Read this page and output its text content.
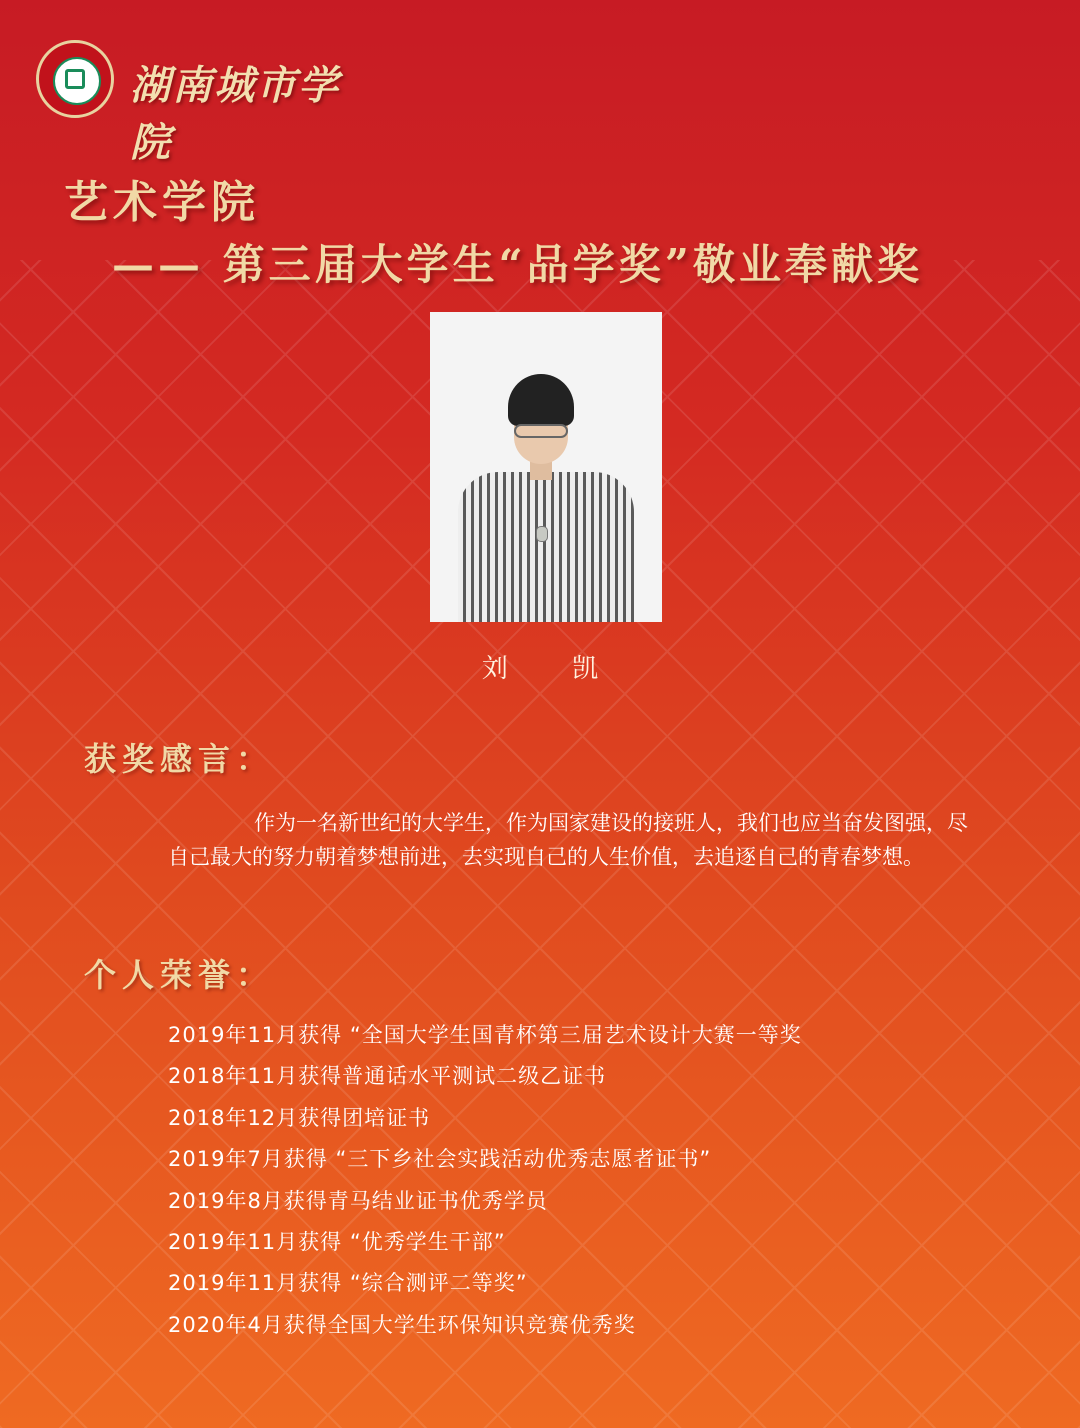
湖南城市学院
艺术学院
—— 第三届大学生“品学奖”敬业奉献奖
刘 凯
获奖感言：
作为一名新世纪的大学生，作为国家建设的接班人，我们也应当奋发图强，尽自己最大的努力朝着梦想前进，去实现自己的人生价值，去追逐自己的青春梦想。
个人荣誉：
2019年11月获得 “全国大学生国青杯第三届艺术设计大赛一等奖
2018年11月获得普通话水平测试二级乙证书
2018年12月获得团培证书
2019年7月获得 “三下乡社会实践活动优秀志愿者证书”
2019年8月获得青马结业证书优秀学员
2019年11月获得 “优秀学生干部”
2019年11月获得 “综合测评二等奖”
2020年4月获得全国大学生环保知识竞赛优秀奖
